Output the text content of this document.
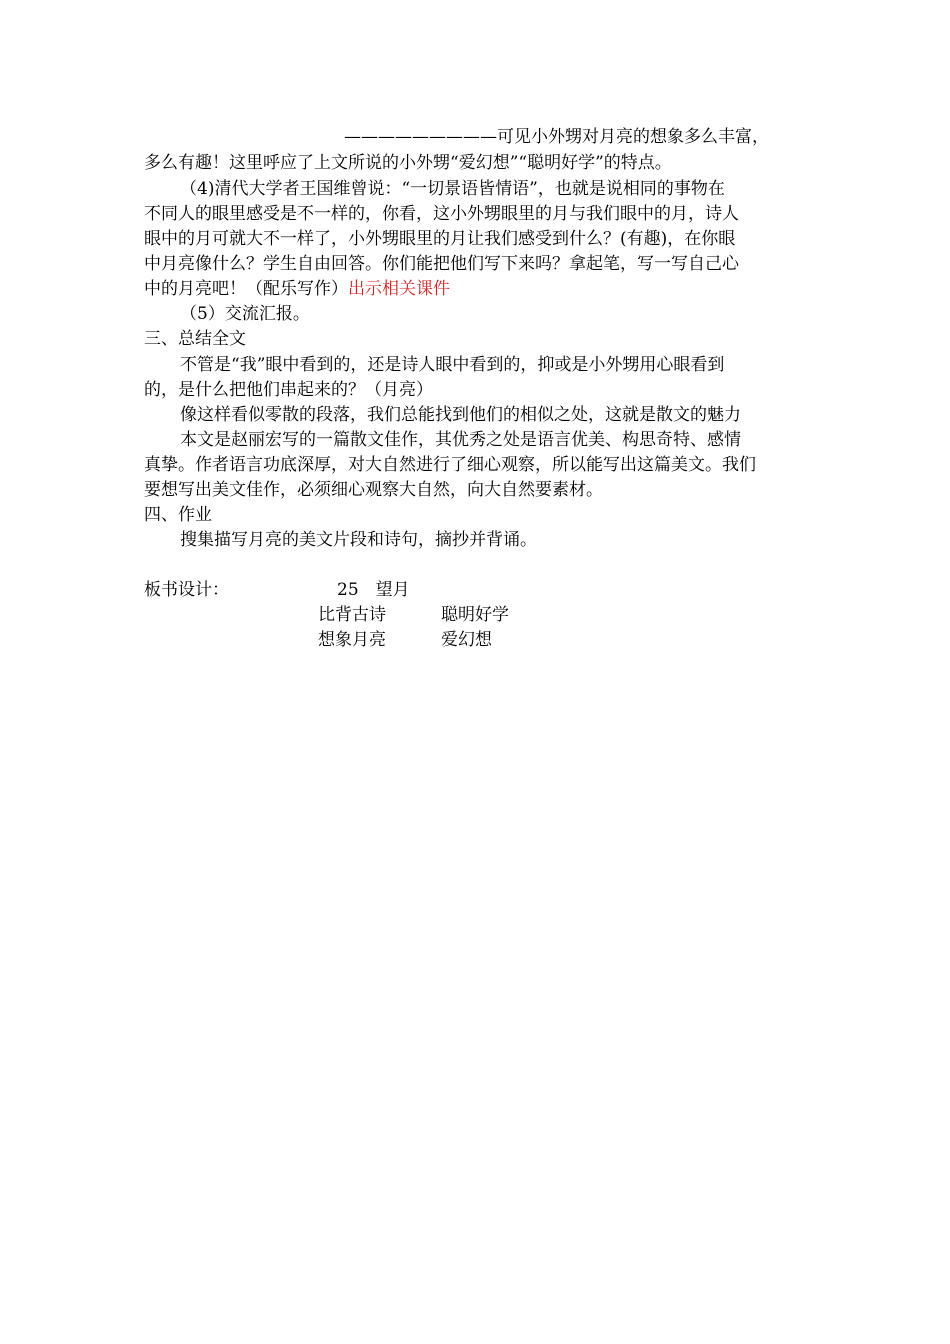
—————————可见小外甥对月亮的想象多么丰富，
多么有趣！这里呼应了上文所说的小外甥“爱幻想”“聪明好学”的特点。
（4)清代大学者王国维曾说：“一切景语皆情语”，也就是说相同的事物在
不同人的眼里感受是不一样的，你看，这小外甥眼里的月与我们眼中的月，诗人
眼中的月可就大不一样了，小外甥眼里的月让我们感受到什么？(有趣)，在你眼
中月亮像什么？学生自由回答。你们能把他们写下来吗？拿起笔，写一写自己心
中的月亮吧！（配乐写作）出示相关课件
（5）交流汇报。
三、总结全文
不管是“我”眼中看到的，还是诗人眼中看到的，抑或是小外甥用心眼看到
的，是什么把他们串起来的？（月亮）
像这样看似零散的段落，我们总能找到他们的相似之处，这就是散文的魅力
本文是赵丽宏写的一篇散文佳作，其优秀之处是语言优美、构思奇特、感情
真挚。作者语言功底深厚，对大自然进行了细心观察，所以能写出这篇美文。我们
要想写出美文佳作，必须细心观察大自然，向大自然要素材。
四、作业
搜集描写月亮的美文片段和诗句，摘抄并背诵。
板书设计：	25　望月
比背古诗	聪明好学
想象月亮	爱幻想
